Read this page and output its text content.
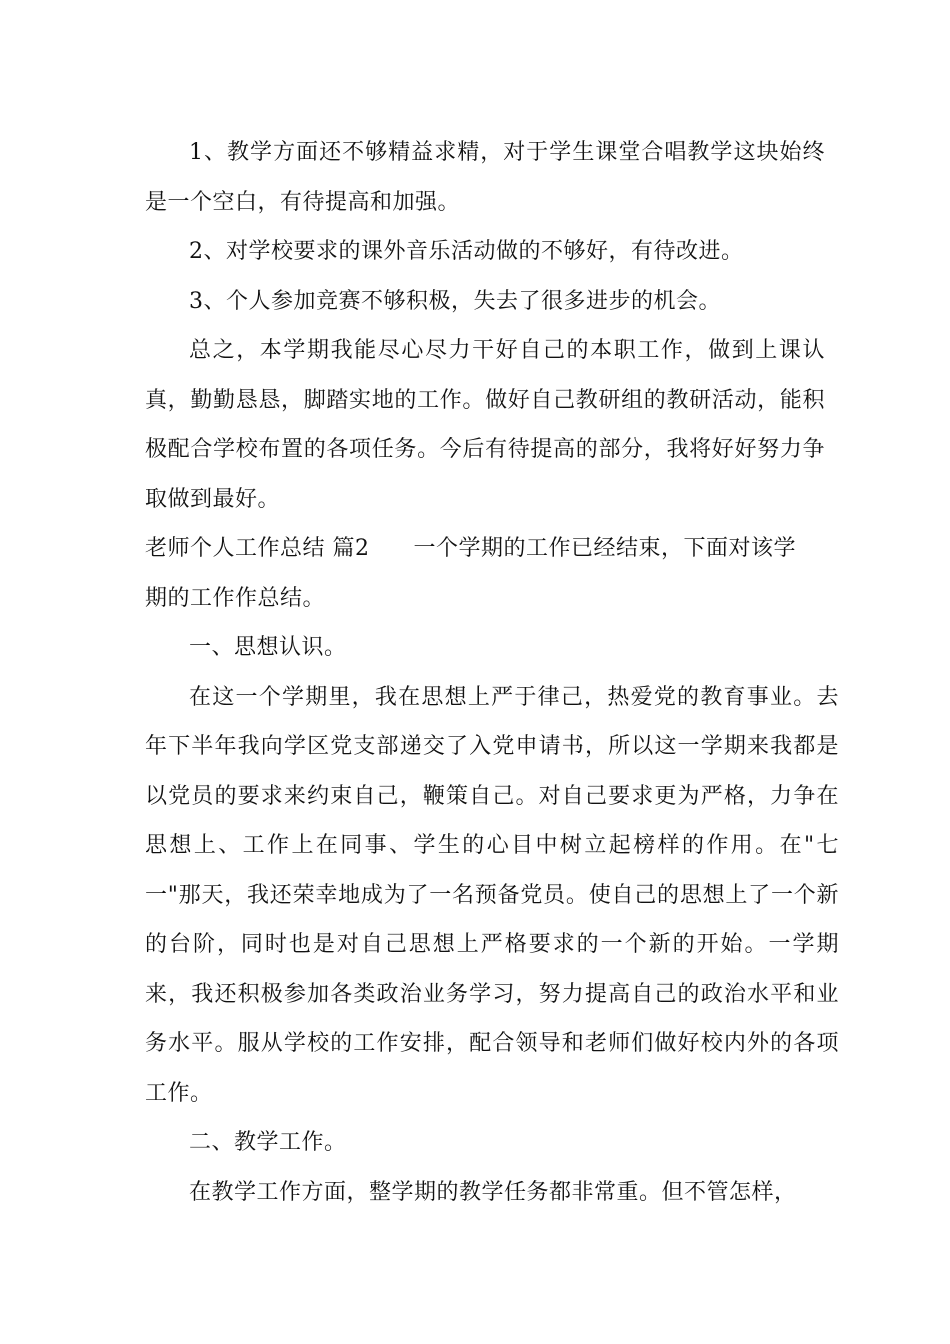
1、教学方面还不够精益求精，对于学生课堂合唱教学这块始终是一个空白，有待提高和加强。

2、对学校要求的课外音乐活动做的不够好，有待改进。

3、个人参加竞赛不够积极，失去了很多进步的机会。

总之，本学期我能尽心尽力干好自己的本职工作，做到上课认真，勤勤恳恳，脚踏实地的工作。做好自己教研组的教研活动，能积极配合学校布置的各项任务。今后有待提高的部分，我将好好努力争取做到最好。

老师个人工作总结 篇2 一个学期的工作已经结束，下面对该学

期的工作作总结。

一、思想认识。

在这一个学期里，我在思想上严于律己，热爱党的教育事业。去年下半年我向学区党支部递交了入党申请书，所以这一学期来我都是以党员的要求来约束自己，鞭策自己。对自己要求更为严格，力争在思想上、工作上在同事、学生的心目中树立起榜样的作用。在"七一"那天，我还荣幸地成为了一名预备党员。使自己的思想上了一个新的台阶，同时也是对自己思想上严格要求的一个新的开始。一学期来，我还积极参加各类政治业务学习，努力提高自己的政治水平和业务水平。服从学校的工作安排，配合领导和老师们做好校内外的各项工作。

二、教学工作。

在教学工作方面，整学期的教学任务都非常重。但不管怎样，
